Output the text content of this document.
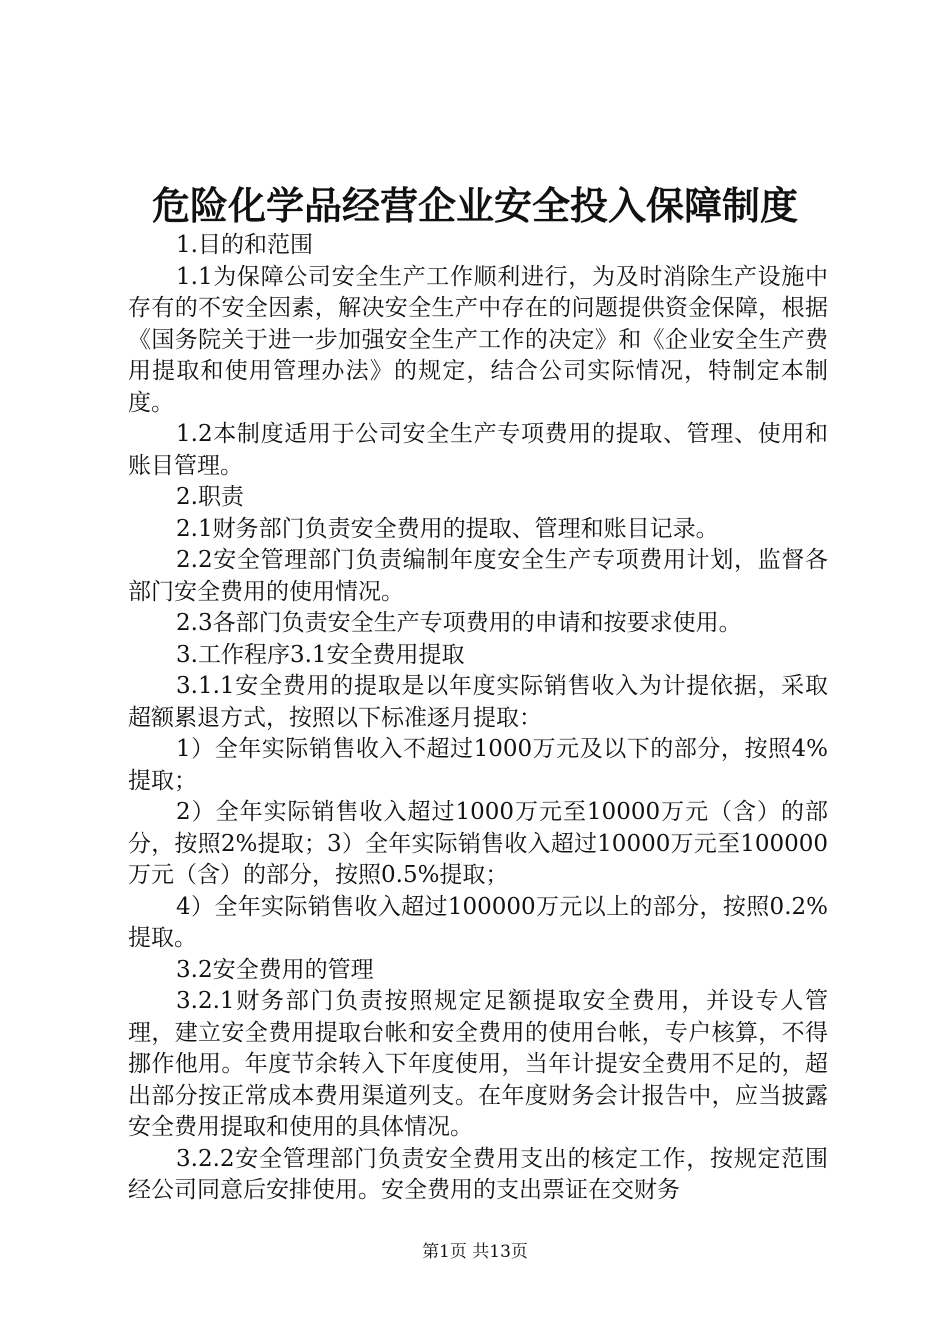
危险化学品经营企业安全投入保障制度

1.目的和范围

1.1为保障公司安全生产工作顺利进行，为及时消除生产设施中存有的不安全因素，解决安全生产中存在的问题提供资金保障，根据《国务院关于进一步加强安全生产工作的决定》和《企业安全生产费用提取和使用管理办法》的规定，结合公司实际情况，特制定本制度。

1.2本制度适用于公司安全生产专项费用的提取、管理、使用和账目管理。

2.职责

2.1财务部门负责安全费用的提取、管理和账目记录。

2.2安全管理部门负责编制年度安全生产专项费用计划，监督各部门安全费用的使用情况。

2.3各部门负责安全生产专项费用的申请和按要求使用。

3.工作程序3.1安全费用提取

3.1.1安全费用的提取是以年度实际销售收入为计提依据，采取超额累退方式，按照以下标准逐月提取：

1）全年实际销售收入不超过1000万元及以下的部分，按照4%提取；

2）全年实际销售收入超过1000万元至10000万元（含）的部分，按照2%提取；3）全年实际销售收入超过10000万元至100000万元（含）的部分，按照0.5%提取；

4）全年实际销售收入超过100000万元以上的部分，按照0.2%提取。

3.2安全费用的管理

3.2.1财务部门负责按照规定足额提取安全费用，并设专人管理，建立安全费用提取台帐和安全费用的使用台帐，专户核算，不得挪作他用。年度节余转入下年度使用，当年计提安全费用不足的，超出部分按正常成本费用渠道列支。在年度财务会计报告中，应当披露安全费用提取和使用的具体情况。

3.2.2安全管理部门负责安全费用支出的核定工作，按规定范围经公司同意后安排使用。安全费用的支出票证在交财务

第1页 共13页
